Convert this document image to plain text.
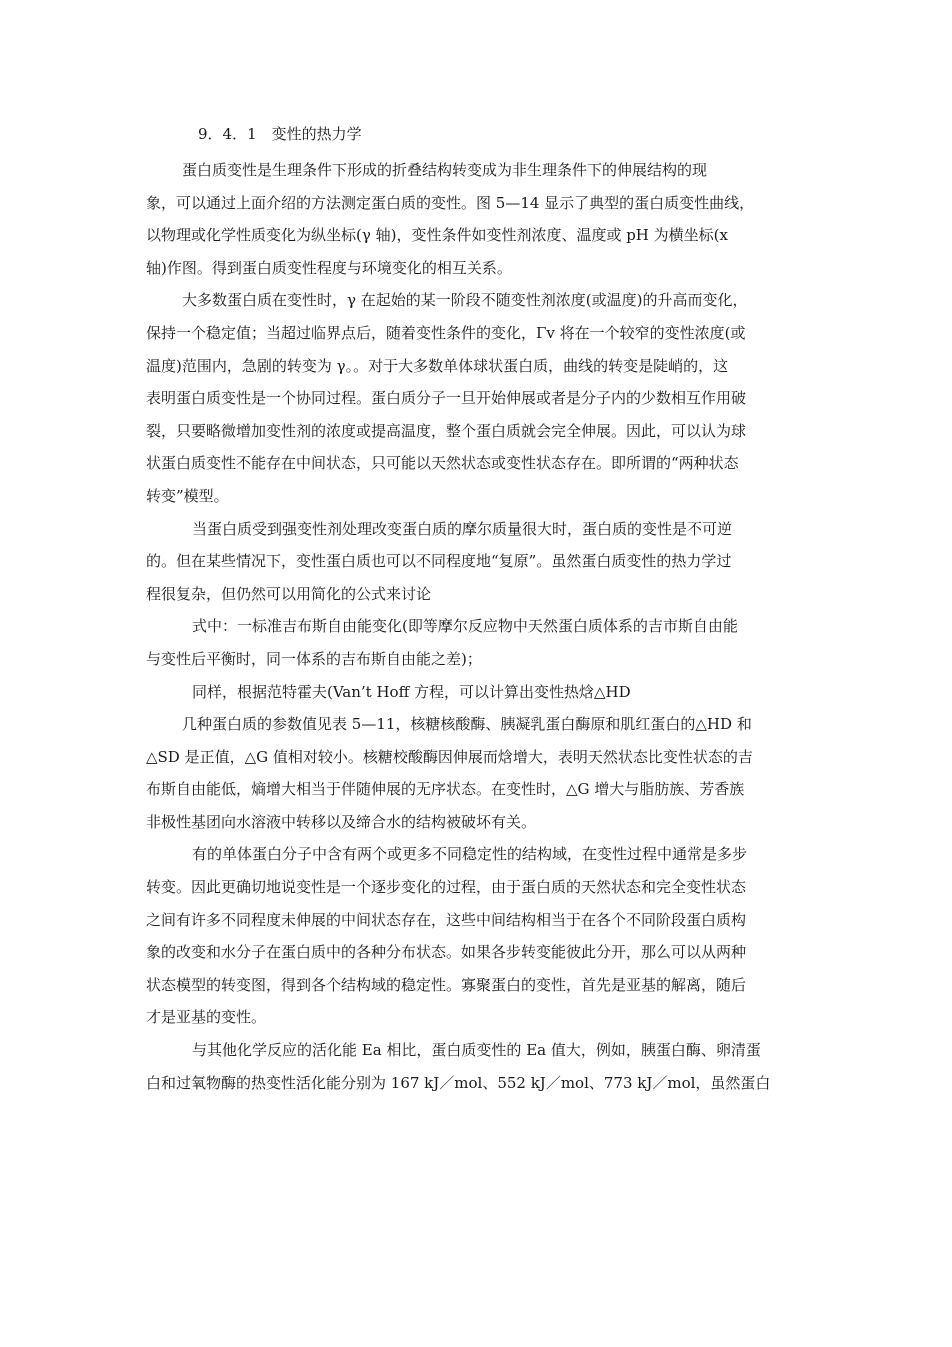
9．4．1　变性的热力学
蛋白质变性是生理条件下形成的折叠结构转变成为非生理条件下的伸展结构的现
象，可以通过上面介绍的方法测定蛋白质的变性。图 5—14 显示了典型的蛋白质变性曲线，
以物理或化学性质变化为纵坐标(γ 轴)，变性条件如变性剂浓度、温度或 pH 为横坐标(x
轴)作图。得到蛋白质变性程度与环境变化的相互关系。
大多数蛋白质在变性时，γ 在起始的某一阶段不随变性剂浓度(或温度)的升高而变化，
保持一个稳定值；当超过临界点后，随着变性条件的变化，Γv 将在一个较窄的变性浓度(或
温度)范围内，急剧的转变为 γ。。对于大多数单体球状蛋白质，曲线的转变是陡峭的，这
表明蛋白质变性是一个协同过程。蛋白质分子一旦开始伸展或者是分子内的少数相互作用破
裂，只要略微增加变性剂的浓度或提高温度，整个蛋白质就会完全伸展。因此，可以认为球
状蛋白质变性不能存在中间状态，只可能以天然状态或变性状态存在。即所谓的“两种状态
转变”模型。
当蛋白质受到强变性剂处理改变蛋白质的摩尔质量很大时，蛋白质的变性是不可逆
的。但在某些情况下，变性蛋白质也可以不同程度地“复原”。虽然蛋白质变性的热力学过
程很复杂，但仍然可以用简化的公式来讨论
式中：一标准吉布斯自由能变化(即等摩尔反应物中天然蛋白质体系的吉市斯自由能
与变性后平衡时，同一体系的吉布斯自由能之差)；
同样，根据范特霍夫(Van’t Hoff 方程，可以计算出变性热焓△HD
几种蛋白质的参数值见表 5—11，核糖核酸酶、胰凝乳蛋白酶原和肌红蛋白的△HD 和
△SD 是正值，△G 值相对较小。核糖校酸酶因伸展而焓增大，表明天然状态比变性状态的吉
布斯自由能低，熵增大相当于伴随伸展的无序状态。在变性时，△G 增大与脂肪族、芳香族
非极性基团向水溶液中转移以及缔合水的结构被破坏有关。
有的单体蛋白分子中含有两个或更多不同稳定性的结构域，在变性过程中通常是多步
转变。因此更确切地说变性是一个逐步变化的过程，由于蛋白质的天然状态和完全变性状态
之间有许多不同程度未伸展的中间状态存在，这些中间结构相当于在各个不同阶段蛋白质构
象的改变和水分子在蛋白质中的各种分布状态。如果各步转变能彼此分开，那么可以从两种
状态模型的转变图，得到各个结构域的稳定性。寡聚蛋白的变性，首先是亚基的解离，随后
才是亚基的变性。
与其他化学反应的活化能 Ea 相比，蛋白质变性的 Ea 值大，例如，胰蛋白酶、卵清蛋
白和过氧物酶的热变性活化能分别为 167 kJ／mol、552 kJ／mol、773 kJ／mol，虽然蛋白
